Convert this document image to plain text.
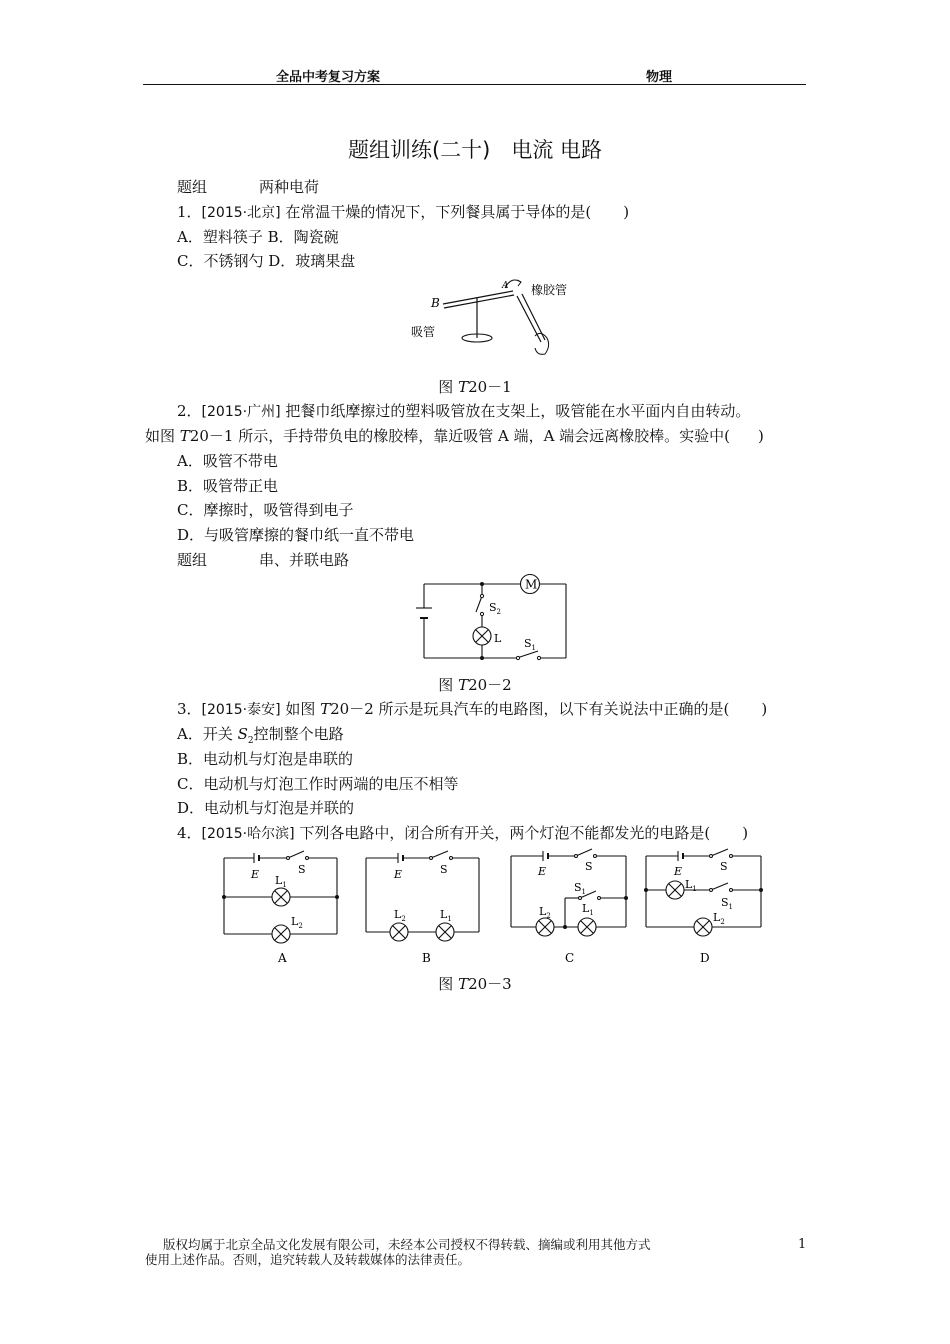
全品中考复习方案	物理
题组训练(二十)　电流 电路
题组	两种电荷
1．[2015·北京] 在常温干燥的情况下，下列餐具属于导体的是( )
A．塑料筷子 B．陶瓷碗
C．不锈钢勺 D．玻璃果盘
B
A 橡胶管
吸管
图 T20－1
2．[2015·广州] 把餐巾纸摩擦过的塑料吸管放在支架上，吸管能在水平面内自由转动。
如图 T20－1 所示，手持带负电的橡胶棒，靠近吸管 A 端，A 端会远离橡胶棒。实验中( )
A．吸管不带电
B．吸管带正电
C．摩擦时，吸管得到电子
D．与吸管摩擦的餐巾纸一直不带电
题组	串、并联电路
M
$S_2$
L $S_1$
图 T20－2
3．[2015·泰安] 如图 T20－2 所示是玩具汽车的电路图，以下有关说法中正确的是( )
A．开关 $S_2$控制整个电路
B．电动机与灯泡是串联的
C．电动机与灯泡工作时两端的电压不相等
D．电动机与灯泡是并联的
4．[2015·哈尔滨] 下列各电路中，闭合所有开关，两个灯泡不能都发光的电路是( )
E	S
$L_1$
$L_2$
E	S
$L_2$	$L_1$
E	S
$S_1$
$L_2$
$L_1$
E	S
$L_1$
$S_1$
$L_2$
A	B	C	D
图 T20－3
版权均属于北京全品文化发展有限公司，未经本公司授权不得转载、摘编或利用其他方式
使用上述作品。否则，追究转载人及转载媒体的法律责任。
1
